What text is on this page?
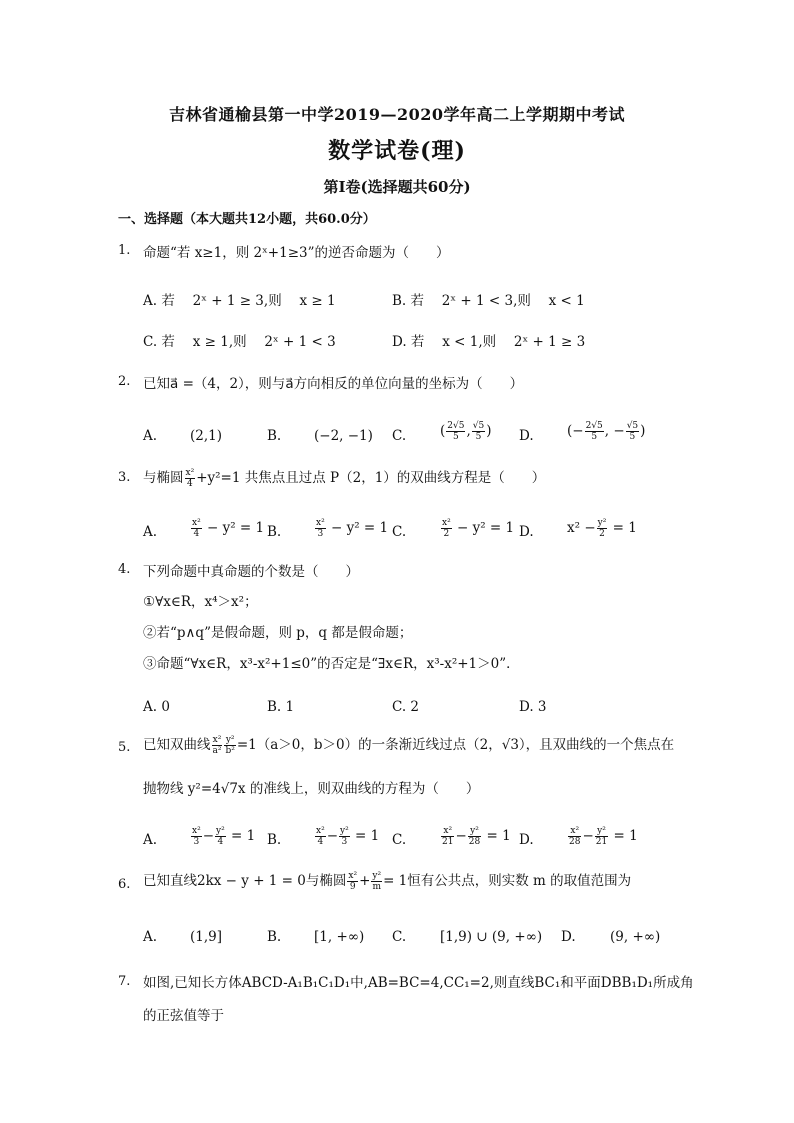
吉林省通榆县第一中学2019—2020学年高二上学期期中考试
数学试卷(理)
第Ⅰ卷(选择题共60分)
一、选择题（本大题共12小题，共60.0分）
1. 命题“若 x≥1，则 2ˣ+1≥3”的逆否命题为（　　）
A. 若　 2ˣ + 1 ≥ 3,则　 x ≥ 1	B. 若　 2ˣ + 1 < 3,则　 x < 1
C. 若　 x ≥ 1,则　 2ˣ + 1 < 3	D. 若　 x < 1,则　 2ˣ + 1 ≥ 3
2. 已知a⃗ =（4，2），则与a⃗方向相反的单位向量的坐标为（　　）
A. (2,1)	B. (−2, −1) C.	( $\frac{2√5}{5}$ , $\frac{√5}{5}$ ) D. (− $\frac{2√5}{5}$ , − $\frac{√5}{5}$ )
3. 与椭圆 $\frac{\text{x²}}{4} +y^2=1$ 共焦点且过点 P（2，1）的双曲线方程是（　　）
A.	$\frac{\text{x²}}{4} - y^2 = 1$ B.	$\frac{\text{x²}}{3} - y^2 = 1$ C.	$\frac{\text{x²}}{2} - y^2 = 1$ D. $x^2 - \frac{\text{y²}}{2} = 1$
4. 下列命题中真命题的个数是（　　）
①∀x∈R，x⁴＞x²；
②若“p∧q”是假命题，则 p，q 都是假命题；
③命题“∀x∈R，x³-x²+1≤0”的否定是“∃x∈R，x³-x²+1＞0”．
A. 0	B. 1	C. 2	D. 3
5. 已知双曲线 $\frac{\text{x²}}{\text{a²}} \frac{\text{y²}}{\text{b²}} =1(a>0$，b＞0）的一条渐近线过点（2，√3），且双曲线的一个焦点在
抛物线 y²=4√7x 的准线上，则双曲线的方程为（　　）
A.	$\frac{\text{x²}}{3} - \frac{\text{y²}}{4} = 1$ B.	$\frac{\text{x²}}{4} - \frac{\text{y²}}{3} = 1$ C.	$\frac{\text{x²}}{21} - \frac{\text{y²}}{28} = 1$ D.	$\frac{\text{x²}}{28} - \frac{\text{y²}}{21} = 1$
6. 已知直线2kx − y + 1 = 0与椭圆 $\frac{\text{x²}}{9} + \frac{\text{y²}}{m} = 1$恒有公共点，则实数 m 的取值范围为
A. (1,9]	B. [1, +∞) C.	[1,9) ∪ (9, +∞) D.	(9, +∞)
7. 如图,已知长方体ABCD-A₁B₁C₁D₁中,AB=BC=4,CC₁=2,则直线BC₁和平面DBB₁D₁所成角
的正弦值等于
